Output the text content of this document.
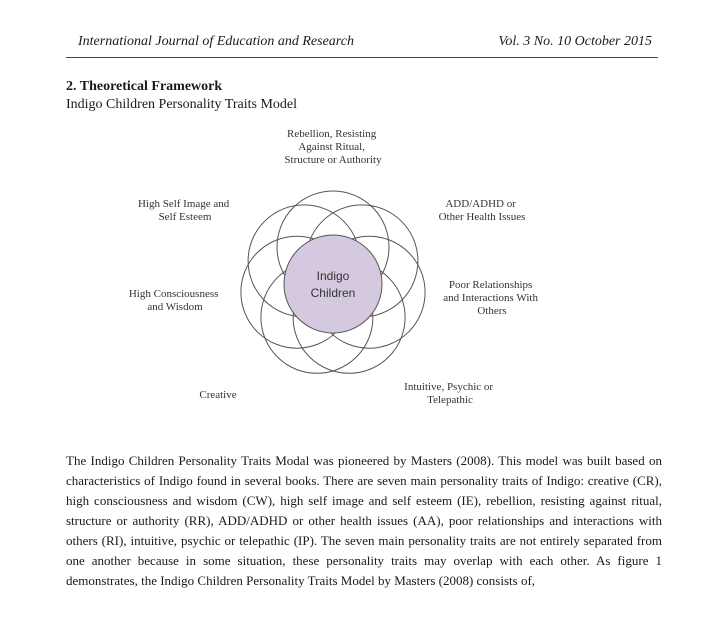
International Journal of Education and Research	Vol. 3 No. 10 October 2015
2. Theoretical Framework
Indigo Children Personality Traits Model
Indigo
Children
Rebellion, Resisting Against Ritual, Structure or Authority
High Self Image and Self Esteem
ADD/ADHD or Other Health Issues
High Consciousness and Wisdom
Poor Relationships and Interactions With Others
Creative
Intuitive, Psychic or Telepathic

The Indigo Children Personality Traits Modal was pioneered by Masters (2008). This model was built based on characteristics of Indigo found in several books. There are seven main personality traits of Indigo: creative (CR), high consciousness and wisdom (CW), high self image and self esteem (IE), rebellion, resisting against ritual, structure or authority (RR), ADD/ADHD or other health issues (AA), poor relationships and interactions with others (RI), intuitive, psychic or telepathic (IP). The seven main personality traits are not entirely separated from one another because in some situation, these personality traits may overlap with each other. As figure 1 demonstrates, the Indigo Children Personality Traits Model by Masters (2008) consists of,
